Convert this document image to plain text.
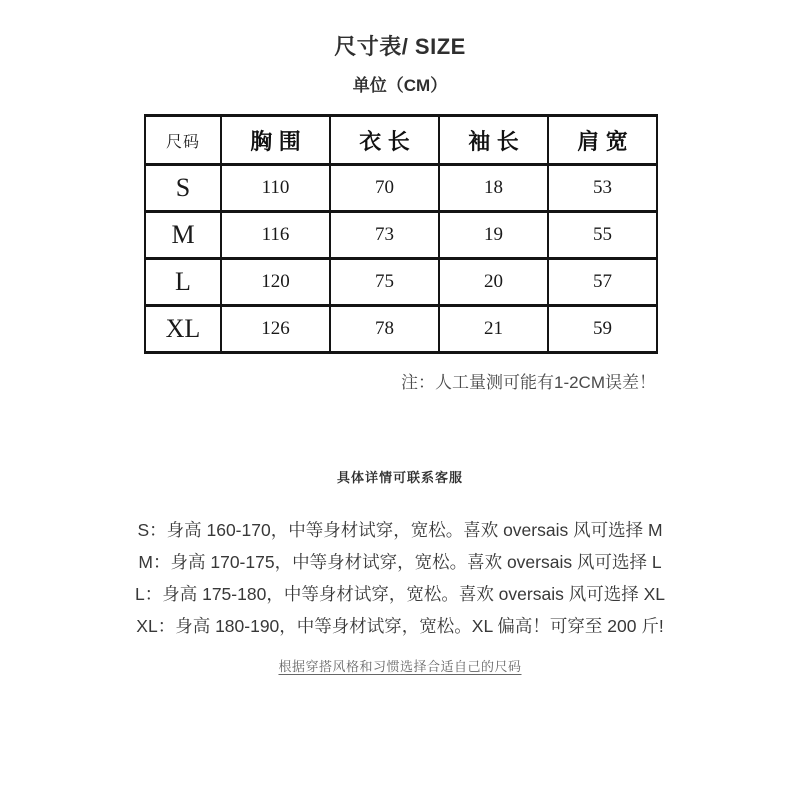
尺寸表/ SIZE
单位（CM）
尺码	胸围	衣长	袖长	肩宽
S	110	70	18	53
M	116	73	19	55
L	120	75	20	57
XL	126	78	21	59
注：人工量测可能有1-2CM误差！
具体详情可联系客服
S：身高 160-170，中等身材试穿，宽松。喜欢 oversais 风可选择 M
M：身高 170-175，中等身材试穿，宽松。喜欢 oversais 风可选择 L
L：身高 175-180，中等身材试穿，宽松。喜欢 oversais 风可选择 XL
XL：身高 180-190，中等身材试穿，宽松。XL 偏高！可穿至 200 斤!
根据穿搭风格和习惯选择合适自己的尺码
